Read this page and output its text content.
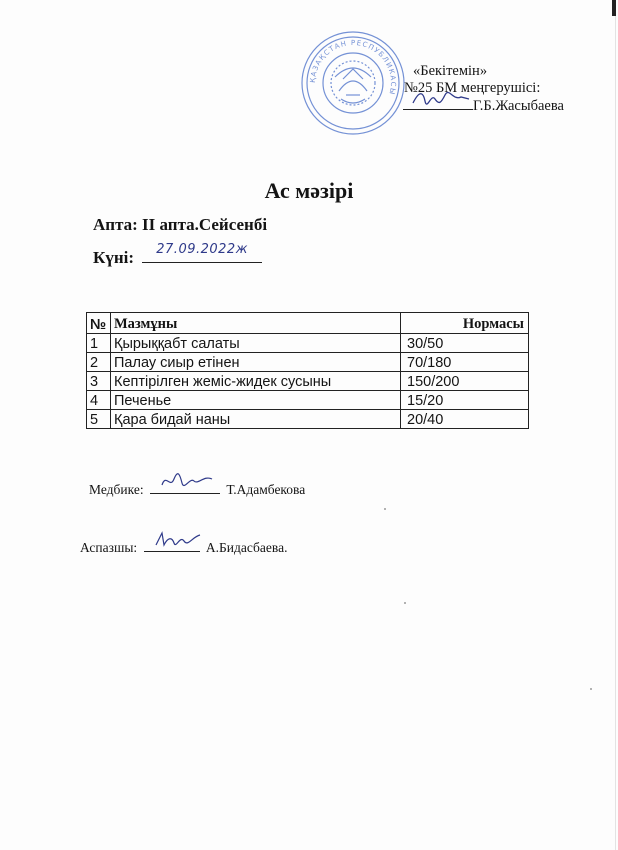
ҚАЗАҚСТАН РЕСПУБЛИКАСЫ
«Бекітемін»
№25 БМ меңгерушісі:
Г.Б.Жасыбаева
Ас мәзірі
Апта: ІІ апта.Сейсенбі
Күні: 27.09.2022ж
№	Мазмұны	Нормасы
1	Қырыққабт салаты	30/50
2	Палау сиыр етінен	70/180
3	Кептірілген жеміс-жидек сусыны	150/200
4	Печенье	15/20
5	Қара бидай наны	20/40
Медбике:	Т.Адамбекова
Аспазшы:	А.Бидасбаева.
